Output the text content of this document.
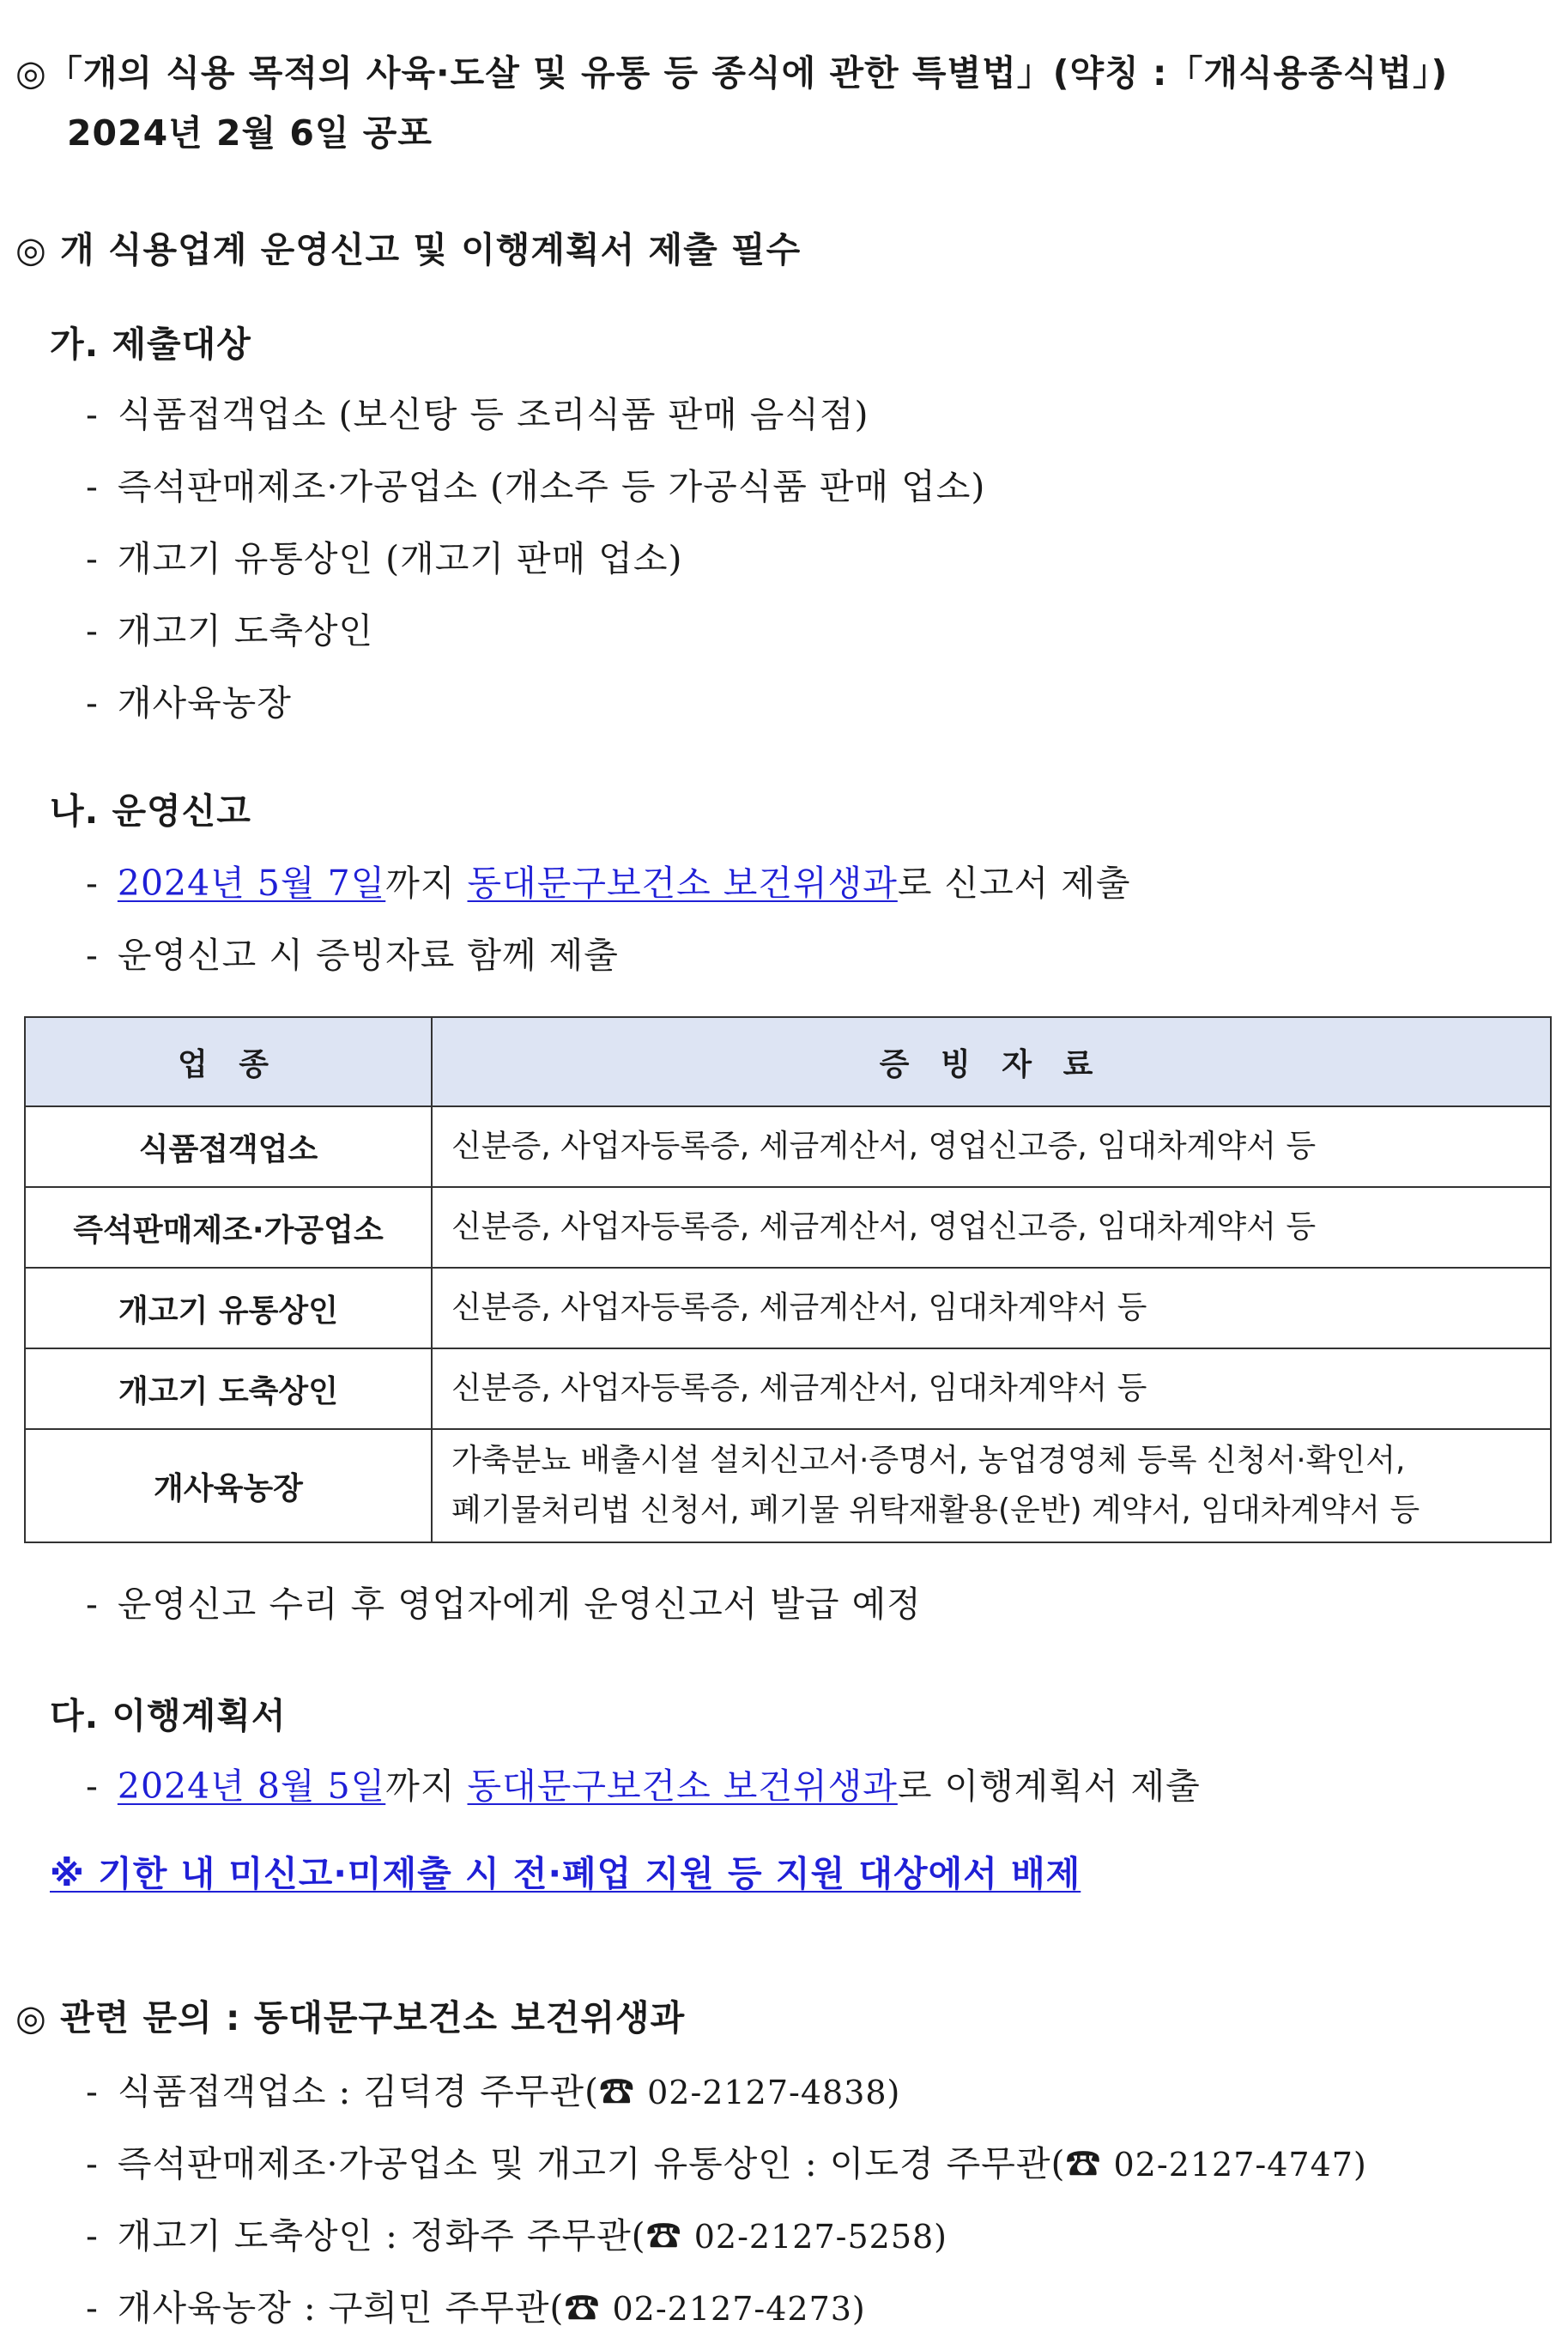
◎「개의 식용 목적의 사육·도살 및 유통 등 종식에 관한 특별법」(약칭 :「개식용종식법」)
2024년 2월 6일 공포
◎ 개 식용업계 운영신고 및 이행계획서 제출 필수
가. 제출대상
- 식품접객업소 (보신탕 등 조리식품 판매 음식점)
- 즉석판매제조·가공업소 (개소주 등 가공식품 판매 업소)
- 개고기 유통상인 (개고기 판매 업소)
- 개고기 도축상인
- 개사육농장
나. 운영신고
- 2024년 5월 7일까지 동대문구보건소 보건위생과로 신고서 제출
- 운영신고 시 증빙자료 함께 제출
업 종	증 빙 자 료
식품접객업소	신분증, 사업자등록증, 세금계산서, 영업신고증, 임대차계약서 등
즉석판매제조·가공업소	신분증, 사업자등록증, 세금계산서, 영업신고증, 임대차계약서 등
개고기 유통상인	신분증, 사업자등록증, 세금계산서, 임대차계약서 등
개고기 도축상인	신분증, 사업자등록증, 세금계산서, 임대차계약서 등
개사육농장	가축분뇨 배출시설 설치신고서·증명서, 농업경영체 등록 신청서·확인서,
폐기물처리법 신청서, 폐기물 위탁재활용(운반) 계약서, 임대차계약서 등
- 운영신고 수리 후 영업자에게 운영신고서 발급 예정
다. 이행계획서
- 2024년 8월 5일까지 동대문구보건소 보건위생과로 이행계획서 제출
※ 기한 내 미신고·미제출 시 전·폐업 지원 등 지원 대상에서 배제
◎ 관련 문의 : 동대문구보건소 보건위생과
- 식품접객업소 : 김덕경 주무관(☎ 02-2127-4838)
- 즉석판매제조·가공업소 및 개고기 유통상인 : 이도경 주무관(☎ 02-2127-4747)
- 개고기 도축상인 : 정화주 주무관(☎ 02-2127-5258)
- 개사육농장 : 구희민 주무관(☎ 02-2127-4273)
